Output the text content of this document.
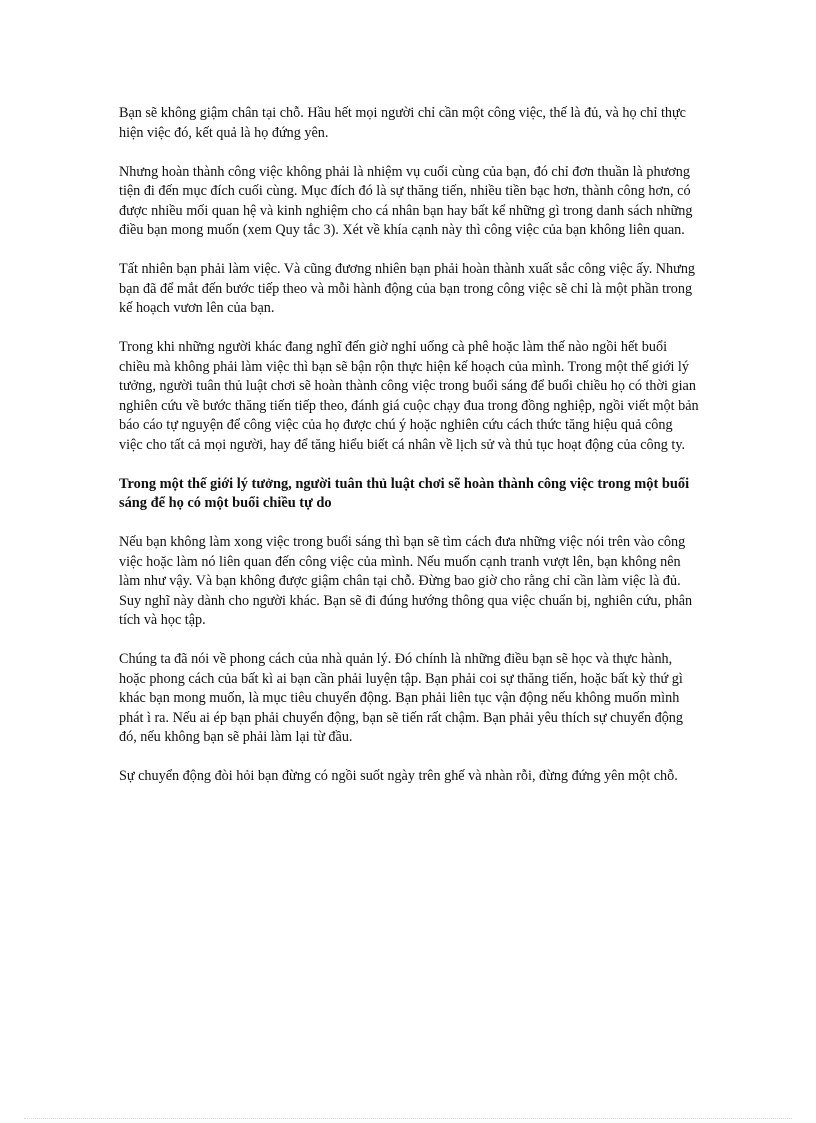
Bạn sẽ không giậm chân tại chỗ. Hầu hết mọi người chỉ cần một công việc, thế là đủ, và họ chỉ thực hiện việc đó, kết quả là họ đứng yên.

Nhưng hoàn thành công việc không phải là nhiệm vụ cuối cùng của bạn, đó chỉ đơn thuần là phương tiện đi đến mục đích cuối cùng. Mục đích đó là sự thăng tiến, nhiều tiền bạc hơn, thành công hơn, có được nhiều mối quan hệ và kinh nghiệm cho cá nhân bạn hay bất kể những gì trong danh sách những điều bạn mong muốn (xem Quy tắc 3). Xét về khía cạnh này thì công việc của bạn không liên quan.

Tất nhiên bạn phải làm việc. Và cũng đương nhiên bạn phải hoàn thành xuất sắc công việc ấy. Nhưng bạn đã để mắt đến bước tiếp theo và mỗi hành động của bạn trong công việc sẽ chỉ là một phần trong kế hoạch vươn lên của bạn.

Trong khi những người khác đang nghĩ đến giờ nghỉ uống cà phê hoặc làm thế nào ngồi hết buổi chiều mà không phải làm việc thì bạn sẽ bận rộn thực hiện kế hoạch của mình. Trong một thế giới lý tưởng, người tuân thủ luật chơi sẽ hoàn thành công việc trong buổi sáng để buổi chiều họ có thời gian nghiên cứu về bước thăng tiến tiếp theo, đánh giá cuộc chạy đua trong đồng nghiệp, ngồi viết một bản báo cáo tự nguyện để công việc của họ được chú ý hoặc nghiên cứu cách thức tăng hiệu quả công việc cho tất cả mọi người, hay để tăng hiểu biết cá nhân về lịch sử và thủ tục hoạt động của công ty.

Trong một thế giới lý tưởng, người tuân thủ luật chơi sẽ hoàn thành công việc trong một buổi sáng để họ có một buổi chiều tự do

Nếu bạn không làm xong việc trong buổi sáng thì bạn sẽ tìm cách đưa những việc nói trên vào công việc hoặc làm nó liên quan đến công việc của mình. Nếu muốn cạnh tranh vượt lên, bạn không nên làm như vậy. Và bạn không được giậm chân tại chỗ. Đừng bao giờ cho rằng chỉ cần làm việc là đủ. Suy nghĩ này dành cho người khác. Bạn sẽ đi đúng hướng thông qua việc chuẩn bị, nghiên cứu, phân tích và học tập.

Chúng ta đã nói về phong cách của nhà quản lý. Đó chính là những điều bạn sẽ học và thực hành, hoặc phong cách của bất kì ai bạn cần phải luyện tập. Bạn phải coi sự thăng tiến, hoặc bất kỳ thứ gì khác bạn mong muốn, là mục tiêu chuyển động. Bạn phải liên tục vận động nếu không muốn mình phát ì ra. Nếu ai ép bạn phải chuyển động, bạn sẽ tiến rất chậm. Bạn phải yêu thích sự chuyển động đó, nếu không bạn sẽ phải làm lại từ đầu.

Sự chuyển động đòi hỏi bạn đừng có ngồi suốt ngày trên ghế và nhàn rỗi, đừng đứng yên một chỗ.
